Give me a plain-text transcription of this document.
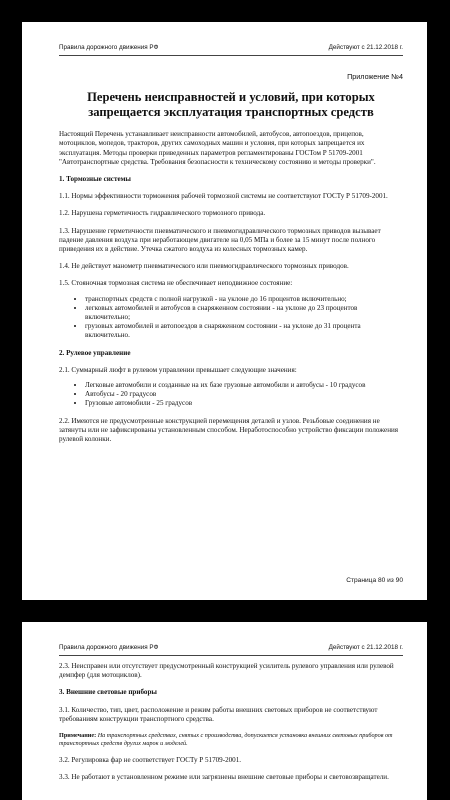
Правила дорожного движения РФ	Действуют с 21.12.2018 г.
Приложение №4
Перечень неисправностей и условий, при которых запрещается эксплуатация транспортных средств

Настоящий Перечень устанавливает неисправности автомобилей, автобусов, автопоездов, прицепов, мотоциклов, мопедов, тракторов, других самоходных машин и условия, при которых запрещается их эксплуатация. Методы проверки приведенных параметров регламентированы ГОСТом Р 51709-2001 "Автотранспортные средства. Требования безопасности к техническому состоянию и методы проверки".

1. Тормозные системы

1.1. Нормы эффективности торможения рабочей тормозной системы не соответствуют ГОСТу Р 51709-2001.

1.2. Нарушена герметичность гидравлического тормозного привода.

1.3. Нарушение герметичности пневматического и пневмогидравлического тормозных приводов вызывает падение давления воздуха при неработающем двигателе на 0,05 МПа и более за 15 минут после полного приведения их в действие. Утечка сжатого воздуха из колесных тормозных камер.

1.4. Не действует манометр пневматического или пневмогидравлического тормозных приводов.

1.5. Стояночная тормозная система не обеспечивает неподвижное состояние:

• транспортных средств с полной нагрузкой - на уклоне до 16 процентов включительно;
• легковых автомобилей и автобусов в снаряженном состоянии - на уклоне до 23 процентов включительно;
• грузовых автомобилей и автопоездов в снаряженном состоянии - на уклоне до 31 процента включительно.

2. Рулевое управление

2.1. Суммарный люфт в рулевом управлении превышает следующие значения:

• Легковые автомобили и созданные на их базе грузовые автомобили и автобусы - 10 градусов
• Автобусы - 20 градусов
• Грузовые автомобили - 25 градусов

2.2. Имеются не предусмотренные конструкцией перемещения деталей и узлов. Резьбовые соединения не затянуты или не зафиксированы установленным способом. Неработоспособно устройство фиксации положения рулевой колонки.

Страница 80 из 90
Правила дорожного движения РФ	Действуют с 21.12.2018 г.

2.3. Неисправен или отсутствует предусмотренный конструкцией усилитель рулевого управления или рулевой демпфер (для мотоциклов).

3. Внешние световые приборы

3.1. Количество, тип, цвет, расположение и режим работы внешних световых приборов не соответствуют требованиям конструкции транспортного средства.

Примечание: На транспортных средствах, снятых с производства, допускается установка внешних световых приборов от транспортных средств других марок и моделей.

3.2. Регулировка фар не соответствует ГОСТу Р 51709-2001.

3.3. Не работают в установленном режиме или загрязнены внешние световые приборы и световозвращатели.
